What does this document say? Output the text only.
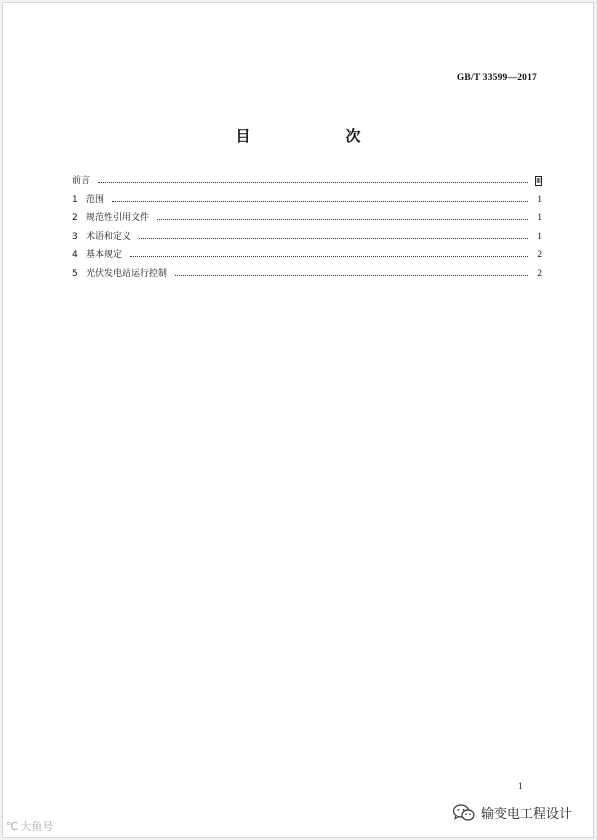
GB/T 33599—2017
目　次
前言	Ⅲ
1 范围	1
2 规范性引用文件	1
3 术语和定义	1
4 基本规定	2
5 光伏发电站运行控制	2
1
℃ 大鱼号
输变电工程设计
